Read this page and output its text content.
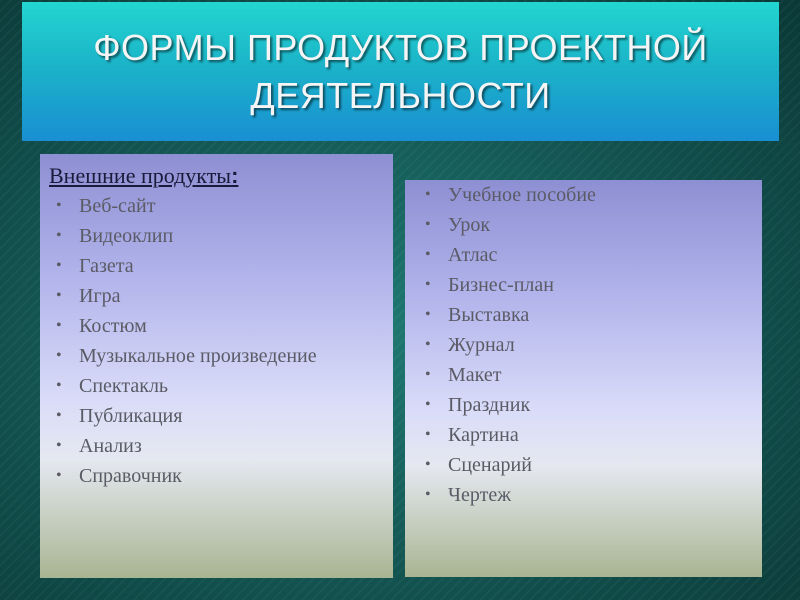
ФОРМЫ ПРОДУКТОВ ПРОЕКТНОЙ
ДЕЯТЕЛЬНОСТИ
Внешние продукты:
• Веб-сайт
• Видеоклип
• Газета
• Игра
• Костюм
• Музыкальное произведение
• Спектакль
• Публикация
• Анализ
• Справочник
• Учебное пособие
• Урок
• Атлас
• Бизнес-план
• Выставка
• Журнал
• Макет
• Праздник
• Картина
• Сценарий
• Чертеж
